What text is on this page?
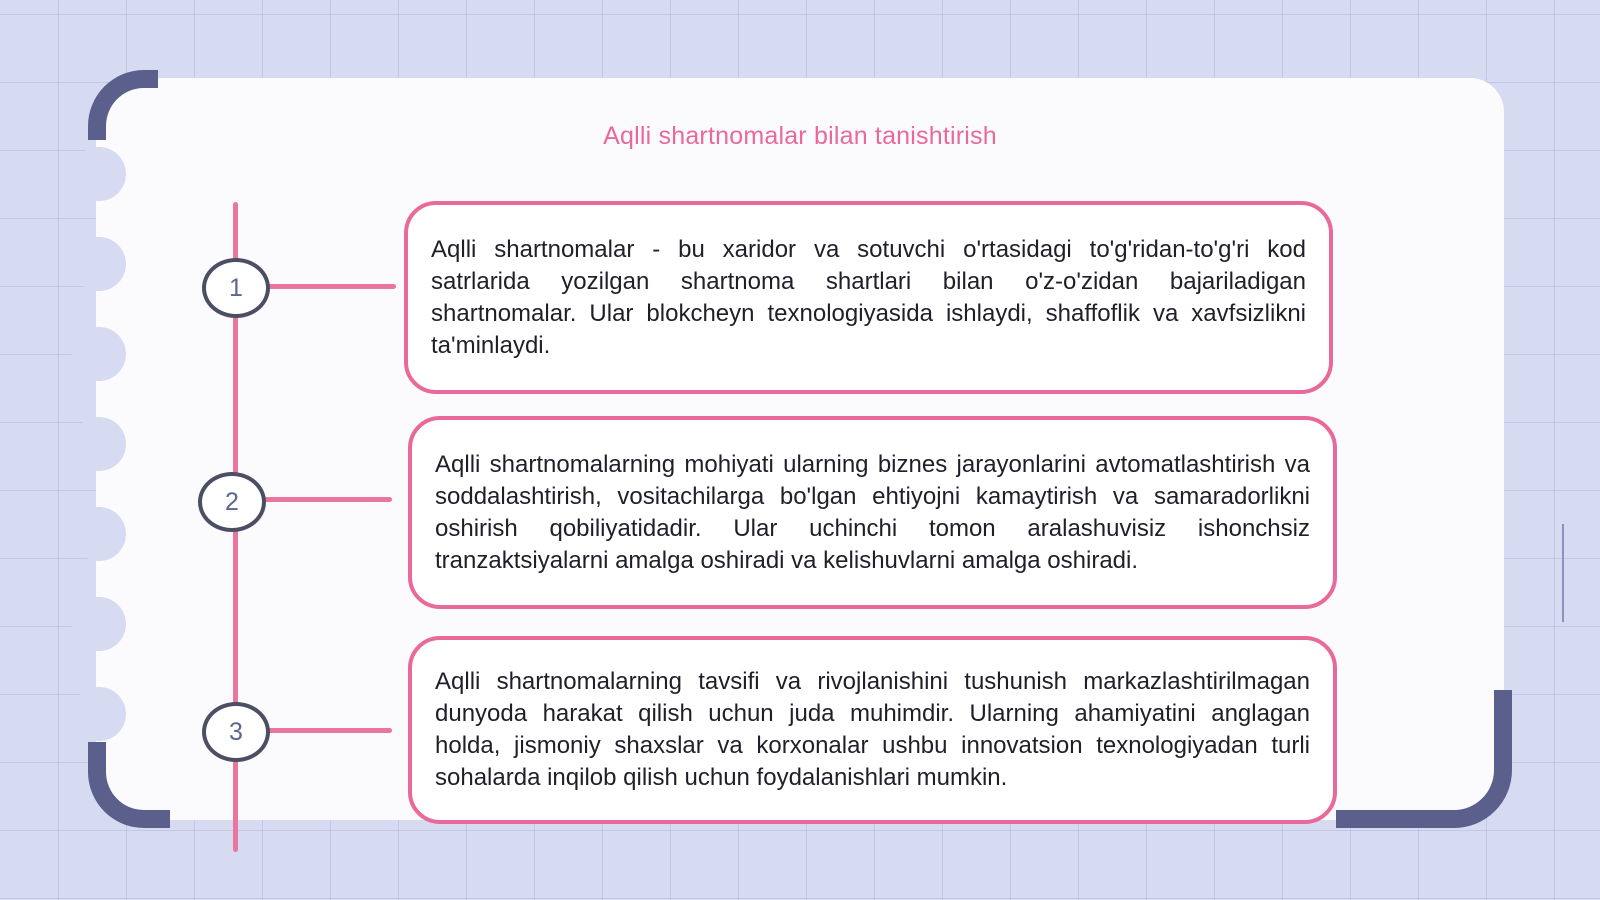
Aqlli shartnomalar bilan tanishtirish
1
Aqlli shartnomalar - bu xaridor va sotuvchi o'rtasidagi to'g'ridan-to'g'ri kod satrlarida yozilgan shartnoma shartlari bilan o'z-o'zidan bajariladigan shartnomalar. Ular blokcheyn texnologiyasida ishlaydi, shaffoflik va xavfsizlikni ta'minlaydi.
2
Aqlli shartnomalarning mohiyati ularning biznes jarayonlarini avtomatlashtirish va soddalashtirish, vositachilarga bo'lgan ehtiyojni kamaytirish va samaradorlikni oshirish qobiliyatidadir. Ular uchinchi tomon aralashuvisiz ishonchsiz tranzaktsiyalarni amalga oshiradi va kelishuvlarni amalga oshiradi.
3
Aqlli shartnomalarning tavsifi va rivojlanishini tushunish markazlashtirilmagan dunyoda harakat qilish uchun juda muhimdir. Ularning ahamiyatini anglagan holda, jismoniy shaxslar va korxonalar ushbu innovatsion texnologiyadan turli sohalarda inqilob qilish uchun foydalanishlari mumkin.
